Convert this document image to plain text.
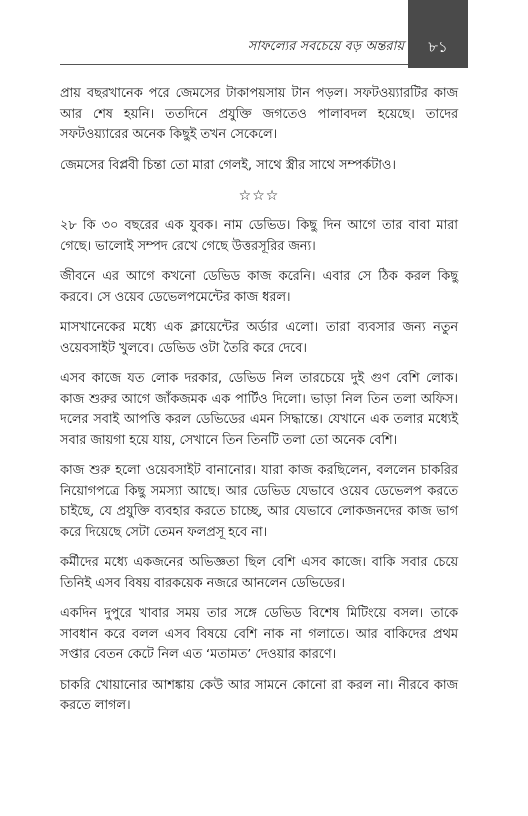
সাফল্যের সবচেয়ে বড় অন্তরায়	৮১

প্রায় বছরখানেক পরে জেমসের টাকাপয়সায় টান পড়ল। সফটওয়্যারটির কাজ আর শেষ হয়নি। ততদিনে প্রযুক্তি জগতেও পালাবদল হয়েছে। তাদের সফটওয়্যারের অনেক কিছুই তখন সেকেলে।

জেমসের বিপ্লবী চিন্তা তো মারা গেলই, সাথে স্ত্রীর সাথে সম্পর্কটাও।

☆☆☆

২৮ কি ৩০ বছরের এক যুবক। নাম ডেভিড। কিছু দিন আগে তার বাবা মারা গেছে। ভালোই সম্পদ রেখে গেছে উত্তরসূরির জন্য।

জীবনে এর আগে কখনো ডেভিড কাজ করেনি। এবার সে ঠিক করল কিছু করবে। সে ওয়েব ডেভেলপমেন্টের কাজ ধরল।

মাসখানেকের মধ্যে এক ক্লায়েন্টের অর্ডার এলো। তারা ব্যবসার জন্য নতুন ওয়েবসাইট খুলবে। ডেভিড ওটা তৈরি করে দেবে।

এসব কাজে যত লোক দরকার, ডেভিড নিল তারচেয়ে দুই গুণ বেশি লোক। কাজ শুরুর আগে জাঁকজমক এক পার্টিও দিলো। ভাড়া নিল তিন তলা অফিস। দলের সবাই আপত্তি করল ডেভিডের এমন সিদ্ধান্তে। যেখানে এক তলার মধ্যেই সবার জায়গা হয়ে যায়, সেখানে তিন তিনটি তলা তো অনেক বেশি।

কাজ শুরু হলো ওয়েবসাইট বানানোর। যারা কাজ করছিলেন, বললেন চাকরির নিয়োগপত্রে কিছু সমস্যা আছে। আর ডেভিড যেভাবে ওয়েব ডেভেলপ করতে চাইছে, যে প্রযুক্তি ব্যবহার করতে চাচ্ছে, আর যেভাবে লোকজনদের কাজ ভাগ করে দিয়েছে সেটা তেমন ফলপ্রসূ হবে না।

কর্মীদের মধ্যে একজনের অভিজ্ঞতা ছিল বেশি এসব কাজে। বাকি সবার চেয়ে তিনিই এসব বিষয় বারকয়েক নজরে আনলেন ডেভিডের।

একদিন দুপুরে খাবার সময় তার সঙ্গে ডেভিড বিশেষ মিটিংয়ে বসল। তাকে সাবধান করে বলল এসব বিষয়ে বেশি নাক না গলাতে। আর বাকিদের প্রথম সপ্তার বেতন কেটে নিল এত ‘মতামত’ দেওয়ার কারণে।

চাকরি খোয়ানোর আশঙ্কায় কেউ আর সামনে কোনো রা করল না। নীরবে কাজ করতে লাগল।
